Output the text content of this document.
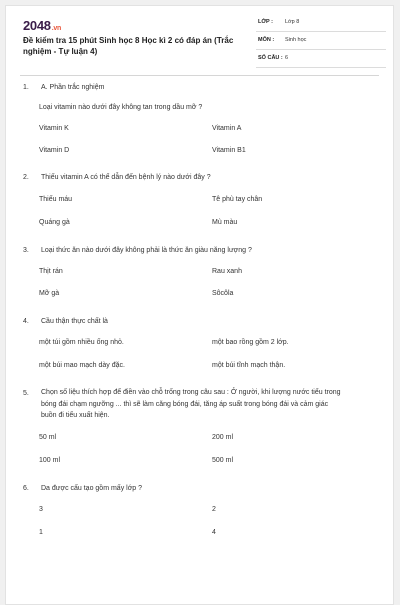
2048.vn
Đề kiểm tra 15 phút Sinh học 8 Học kì 2 có đáp án (Trắc nghiệm - Tự luận 4)
LỚP : Lớp 8
MÔN : Sinh học
SỐ CÂU : 6
1. A. Phần trắc nghiệm
Loại vitamin nào dưới đây không tan trong dầu mỡ ?
Vitamin K	Vitamin A
Vitamin D	Vitamin B1
2. Thiếu vitamin A có thể dẫn đến bệnh lý nào dưới đây ?
Thiếu máu	Tê phù tay chân
Quáng gà	Mù màu
3. Loại thức ăn nào dưới đây không phải là thức ăn giàu năng lượng ?
Thịt rán	Rau xanh
Mỡ gà	Sôcôla
4. Cầu thận thực chất là
một túi gồm nhiều ống nhỏ.	một bao rồng gồm 2 lớp.
một búi mao mạch dày đặc.	một búi tĩnh mạch thận.
5. Chọn số liệu thích hợp để điền vào chỗ trống trong câu sau : Ở người, khi lượng nước tiểu trong
bóng đái chạm ngưỡng ... thì sẽ làm căng bóng đái, tăng áp suất trong bóng đái và cảm giác
buồn đi tiểu xuất hiện.
50 ml	200 ml
100 ml	500 ml
6. Da được cấu tạo gồm mấy lớp ?
3	2
1	4
